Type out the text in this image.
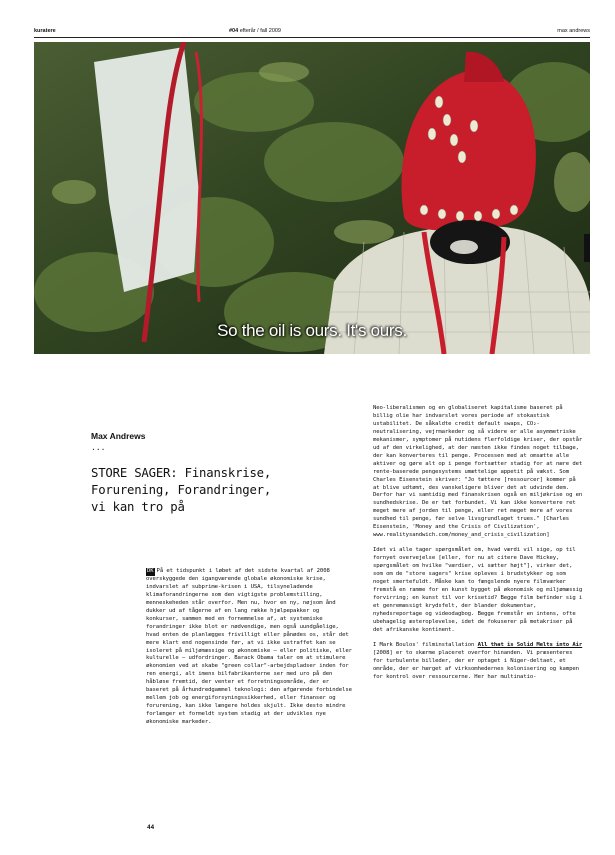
kuratere	#04 efterår / fall 2009	max andrews
So the oil is ours. It's ours.
Max Andrews
...
STORE SAGER: Finanskrise, Forurening, Forandringer, vi kan tro på

DK På et tidspunkt i løbet af det sidste kvartal af 2008 overskyggede den igangværende globale økonomiske krise, indvarslet af subprime-krisen i USA, tilsyneladende klimaforandringerne som den vigtigste problemstilling, menneskeheden står overfor. Men nu, hvor en ny, nøjsom ånd dukker ud af tågerne af en lang række hjælpepakker og konkurser, sammen med en fornemmelse af, at systemiske forandringer ikke blot er nødvendige, men også uundgåelige, hvad enten de planlægges frivilligt eller pånødes os, står det mere klart end nogensinde før, at vi ikke ustraffet kan se isoleret på miljømæssige og økonomiske – eller politiske, eller kulturelle – udfordringer. Barack Obama taler om at stimulere økonomien ved at skabe "green collar"-arbejdspladser inden for ren energi, alt imens bilfabrikanterne ser med uro på den håbløse fremtid, der venter et forretningsområde, der er baseret på århundredgammel teknologi: den afgørende forbindelse mellem job og energiforsyningssikkerhed, eller finanser og forurening, kan ikke længere holdes skjult. Ikke desto mindre forlænger et formeldt system stadig at der udvikles nye økonomiske markeder.

Neo-liberalismen og en globaliseret kapitalisme baseret på billig olie har indvarslet vores periode af stokastisk ustabilitet. De såkaldte credit default swaps, CO₂-neutralisering, vejrmarkeder og så videre er alle asymmetriske mekanismer, symptomer på nutidens flerfoldige kriser, der opstår ud af den virkelighed, at der næsten ikke findes noget tilbage, der kan konverteres til penge. Processen med at omsætte alle aktiver og gøre alt op i penge fortsætter stadig for at nære det rente-baserede pengesystems umættelige appetit på vækst. Som Charles Eisenstein skriver: "Jo tættere [ressourcer] kommer på at blive udtømt, des vanskeligere bliver det at udvinde dem. Derfor har vi samtidig med finanskrisen også en miljøkrise og en sundhedskrise. De er tæt forbundet. Vi kan ikke konvertere ret meget mere af jorden til penge, eller ret meget mere af vores sundhed til penge, før selve livsgrundlaget trues." [Charles Eisenstein, 'Money and the Crisis of Civilization', www.realitysandwich.com/money_and_crisis_civilization]

Idet vi alle tager spørgsmålet om, hvad værdi vil sige, op til fornyet overvejelse [eller, for nu at citere Dave Hickey, spørgsmålet om hvilke "værdier, vi sætter højt"], virker det, som om de "store sagers" krise opleves i brudstykker og som noget smertefuldt. Måske kan to fængslende nyere filmværker fremstå en ramme for en kunst bygget på økonomisk og miljømæssig forvirring; en kunst til vor krisetid? Begge film befinder sig i et genremæssigt krydsfelt, der blander dokumentar, nyhedsreportage og videodagbog. Begge fremstår en intens, ofte ubehagelig æsteroplevelse, idet de fokuserer på metakriser på det afrikanske kontinent.

I Mark Boulos' filminstallation All that is Solid Melts into Air [2008] er to skærme placeret overfor hinanden. Vi præsenteres for turbulente billeder, der er optaget i Niger-deltaet, et område, der er hærget af virksomhedernes kolonisering og kampen for kontrol over ressourcerne. Her har multinatio-

44
